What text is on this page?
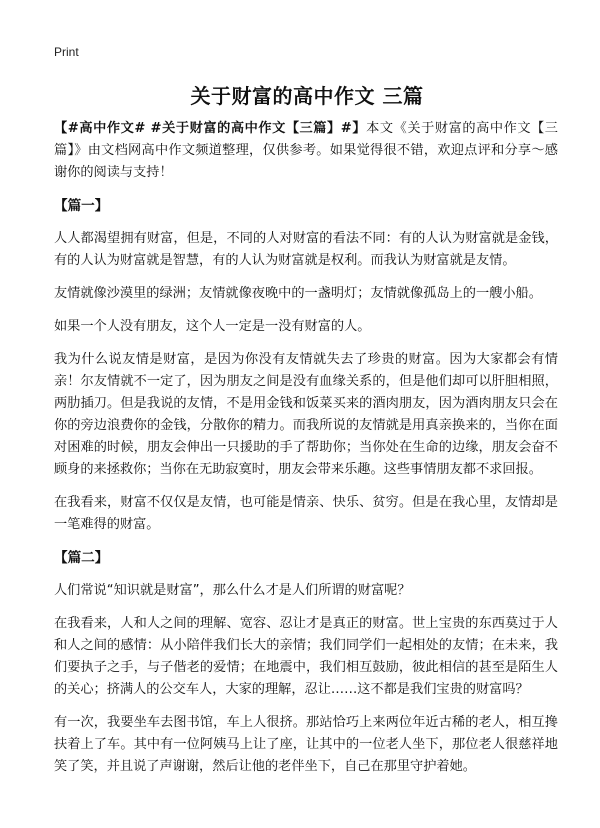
Print
关于财富的高中作文 三篇

【#高中作文# #关于财富的高中作文【三篇】#】本文《关于财富的高中作文【三篇】》由文档网高中作文频道整理，仅供参考。如果觉得很不错，欢迎点评和分享～感谢你的阅读与支持！

【篇一】

人人都渴望拥有财富，但是，不同的人对财富的看法不同：有的人认为财富就是金钱，有的人认为财富就是智慧，有的人认为财富就是权利。而我认为财富就是友情。

友情就像沙漠里的绿洲；友情就像夜晚中的一盏明灯；友情就像孤岛上的一艘小船。

如果一个人没有朋友，这个人一定是一没有财富的人。

我为什么说友情是财富，是因为你没有友情就失去了珍贵的财富。因为大家都会有情亲！尔友情就不一定了，因为朋友之间是没有血缘关系的，但是他们却可以肝胆相照，两肋插刀。但是我说的友情，不是用金钱和饭菜买来的酒肉朋友，因为酒肉朋友只会在你的旁边浪费你的金钱，分散你的精力。而我所说的友情就是用真亲换来的，当你在面对困难的时候，朋友会伸出一只援助的手了帮助你；当你处在生命的边缘，朋友会奋不顾身的来拯救你；当你在无助寂寞时，朋友会带来乐趣。这些事情朋友都不求回报。

在我看来，财富不仅仅是友情，也可能是情亲、快乐、贫穷。但是在我心里，友情却是一笔难得的财富。

【篇二】

人们常说“知识就是财富”，那么什么才是人们所谓的财富呢？

在我看来，人和人之间的理解、宽容、忍让才是真正的财富。世上宝贵的东西莫过于人和人之间的感情：从小陪伴我们长大的亲情；我们同学们一起相处的友情；在未来，我们要执子之手，与子偕老的爱情；在地震中，我们相互鼓励，彼此相信的甚至是陌生人的关心；挤满人的公交车人，大家的理解，忍让……这不都是我们宝贵的财富吗？

有一次，我要坐车去图书馆，车上人很挤。那站恰巧上来两位年近古稀的老人，相互搀扶着上了车。其中有一位阿姨马上让了座，让其中的一位老人坐下，那位老人很慈祥地笑了笑，并且说了声谢谢，然后让他的老伴坐下，自己在那里守护着她。
